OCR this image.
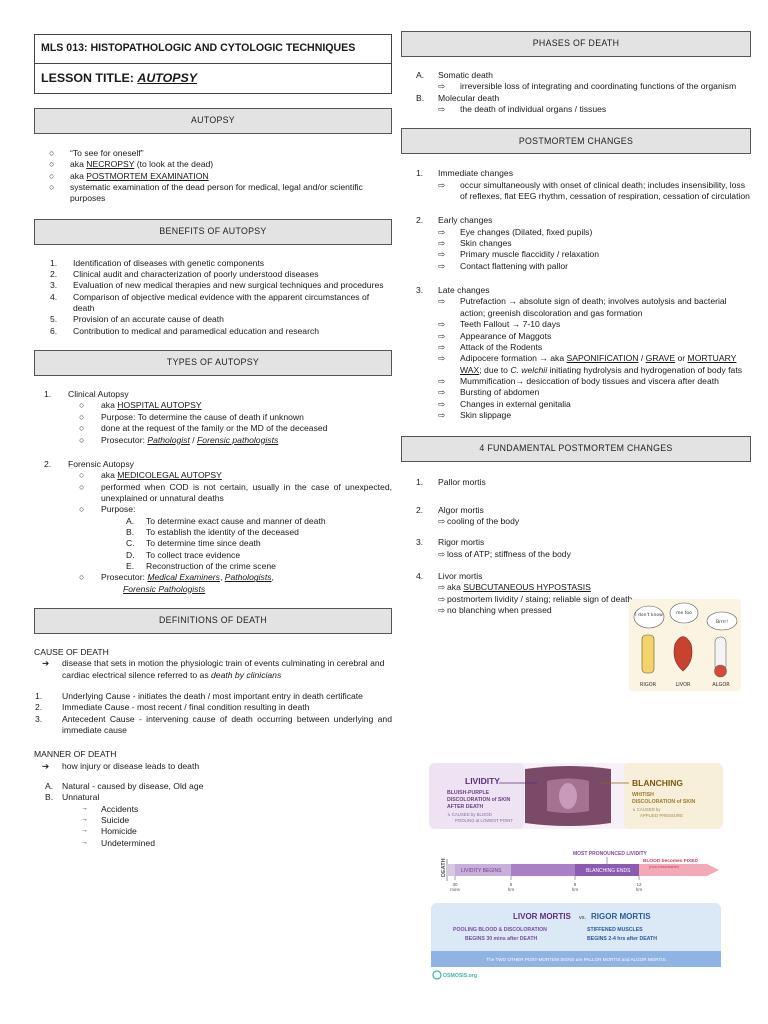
MLS 013: HISTOPATHOLOGIC AND CYTOLOGIC TECHNIQUES
LESSON TITLE: AUTOPSY
AUTOPSY
○	“To see for oneself”
○	aka NECROPSY (to look at the dead)
○	aka POSTMORTEM EXAMINATION
○	systematic examination of the dead person for medical, legal and/or scientific purposes
BENEFITS OF AUTOPSY
1.	Identification of diseases with genetic components
2.	Clinical audit and characterization of poorly understood diseases
3.	Evaluation of new medical therapies and new surgical techniques and procedures
4.	Comparison of objective medical evidence with the apparent circumstances of death
5.	Provision of an accurate cause of death
6.	Contribution to medical and paramedical education and research
TYPES OF AUTOPSY
1.	Clinical Autopsy
○	aka HOSPITAL AUTOPSY
○	Purpose: To determine the cause of death if unknown
○	done at the request of the family or the MD of the deceased
○	Prosecutor: Pathologist / Forensic pathologists
2.	Forensic Autopsy
○	aka MEDICOLEGAL AUTOPSY
○	performed when COD is not certain, usually in the case of unexpected, unexplained or unnatural deaths
○	Purpose:
A.	To determine exact cause and manner of death
B.	To establish the identity of the deceased
C.	To determine time since death
D.	To collect trace evidence
E.	Reconstruction of the crime scene
○	Prosecutor: Medical Examiners, Pathologists,
Forensic Pathologists
DEFINITIONS OF DEATH
CAUSE OF DEATH
➔	disease that sets in motion the physiologic train of events culminating in cerebral and cardiac electrical silence referred to as death by clinicians
1.	Underlying Cause - initiates the death / most important entry in death certificate
2.	Immediate Cause - most recent / final condition resulting in death
3.	Antecedent Cause - intervening cause of death occurring between underlying and immediate cause
MANNER OF DEATH
➔	how injury or disease leads to death
A.	Natural - caused by disease, Old age
B.	Unnatural
→	Accidents
→	Suicide
→	Homicide
→	Undetermined
PHASES OF DEATH
A.	Somatic death
⇨	irreversible loss of integrating and coordinating functions of the organism
B.	Molecular death
⇨	the death of individual organs / tissues
POSTMORTEM CHANGES
1.	Immediate changes
⇨	occur simultaneously with onset of clinical death; includes insensibility, loss of reflexes, flat EEG rhythm, cessation of respiration, cessation of circulation
2.	Early changes
⇨	Eye changes (Dilated, fixed pupils)
⇨	Skin changes
⇨	Primary muscle flaccidity / relaxation
⇨	Contact flattening with pallor
3.	Late changes
⇨	Putrefaction → absolute sign of death; involves autolysis and bacterial action; greenish discoloration and gas formation
⇨	Teeth Fallout → 7-10 days
⇨	Appearance of Maggots
⇨	Attack of the Rodents
⇨	Adipocere formation → aka SAPONIFICATION / GRAVE or MORTUARY WAX; due to C. welchii initiating hydrolysis and hydrogenation of body fats
⇨	Mummification→ desiccation of body tissues and viscera after death
⇨	Bursting of abdomen
⇨	Changes in external genitalia
⇨	Skin slippage
4 FUNDAMENTAL POSTMORTEM CHANGES
1.	Pallor mortis
2.	Algor mortis
⇨ cooling of the body
3.	Rigor mortis
⇨ loss of ATP; stiffness of the body
4.	Livor mortis
⇨ aka SUBCUTANEOUS HYPOSTASIS
⇨ postmortem lividity / staing; reliable sign of death
⇨ no blanching when pressed
I don't know	me too
Brrrr!
RIGOR	LIVOR	ALGOR
LIVIDITY
BLUISH-PURPLE
DISCOLORATION of SKIN
AFTER DEATH
↳ CAUSED by BLOOD
POOLING at LOWEST POINT
BLANCHING
WHITISH
DISCOLORATION of SKIN
↳ CAUSED by
APPLIED PRESSURE
DEATH
MOST PRONOUNCED LIVIDITY
LIVIDITY BEGINS	BLANCHING ENDS
BLOOD becomes FIXED
(non-blanchable)
30
mins
6
hrs
9
hrs
12
hrs
LIVOR MORTIS vs. RIGOR MORTIS
POOLING BLOOD & DISCOLORATION
BEGINS 30 mins after DEATH
STIFFENED MUSCLES
BEGINS 2-4 hrs after DEATH
The TWO OTHER POST-MORTEM SIGNS are PALLOR MORTIS and ALGOR MORTIS
OSMOSIS.org
